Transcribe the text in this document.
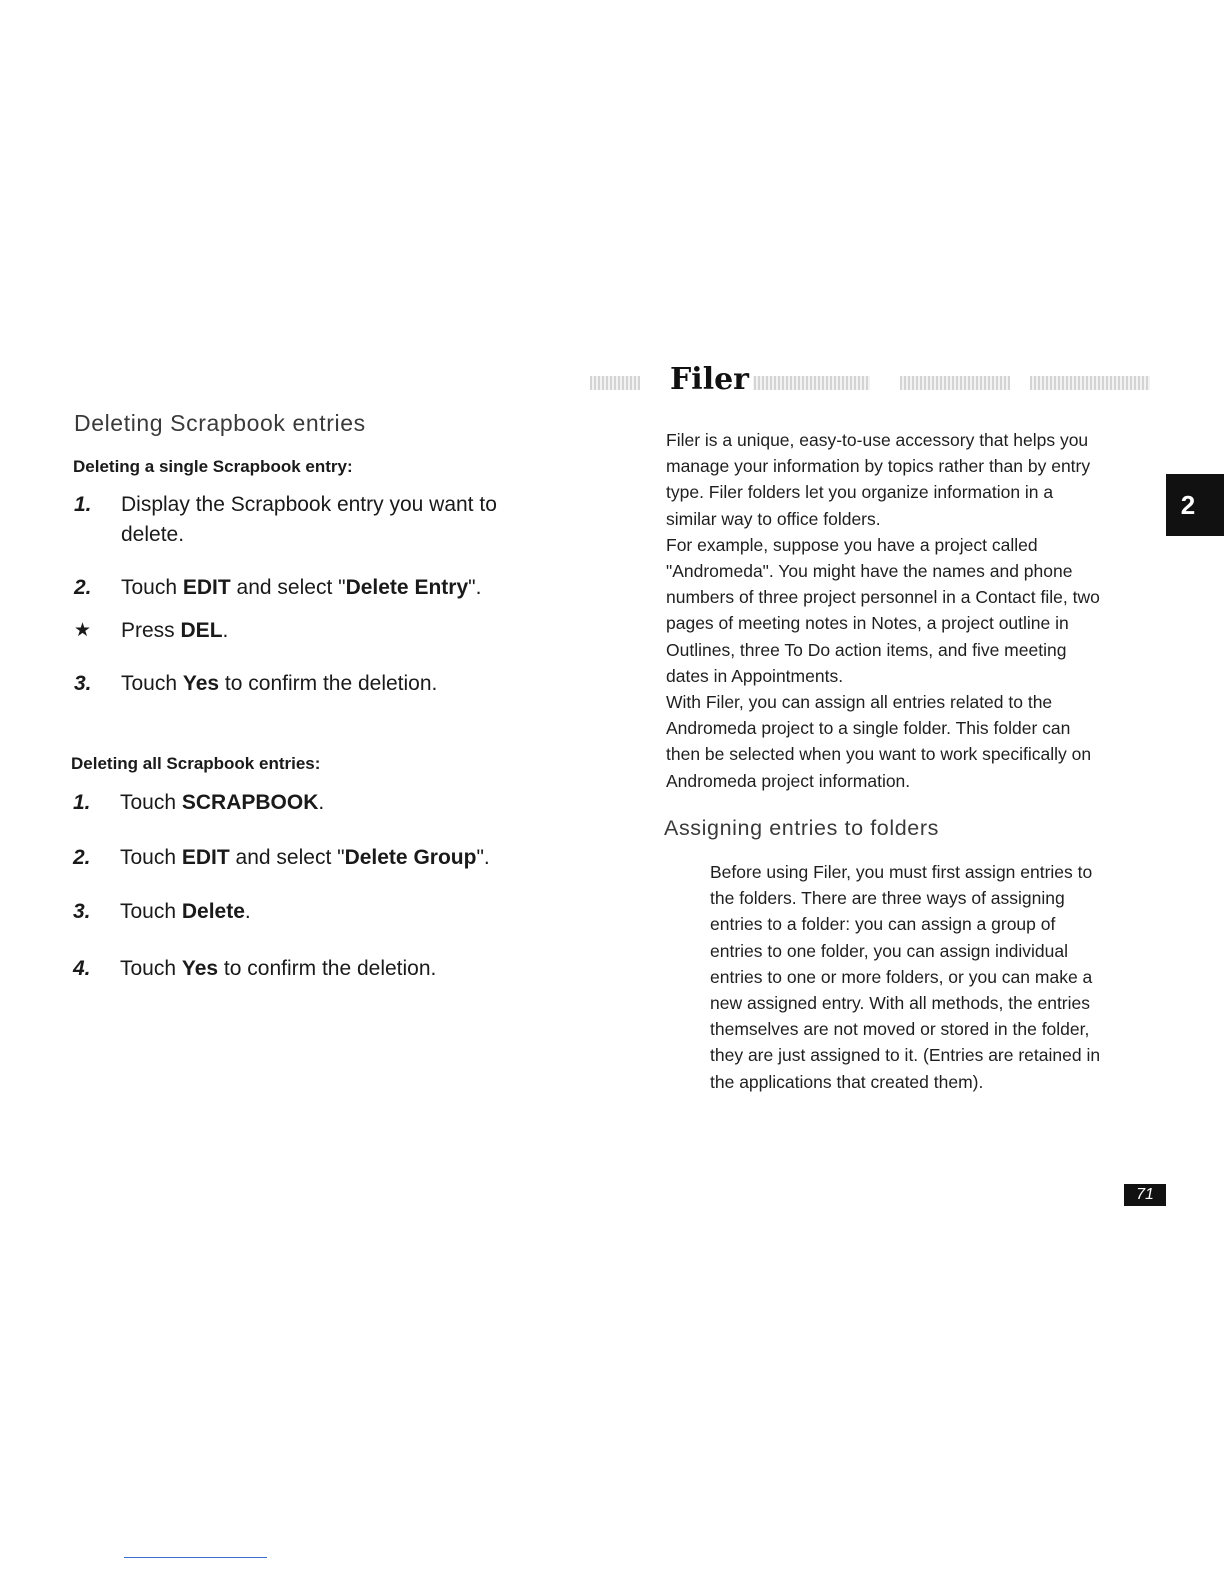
Deleting Scrapbook entries
Deleting a single Scrapbook entry:
1. Display the Scrapbook entry you want to delete.
2. Touch EDIT and select "Delete Entry".
★ Press DEL.
3. Touch Yes to confirm the deletion.
Deleting all Scrapbook entries:
1. Touch SCRAPBOOK.
2. Touch EDIT and select "Delete Group".
3. Touch Delete.
4. Touch Yes to confirm the deletion.
Filer
Filer is a unique, easy-to-use accessory that helps you
manage your information by topics rather than by entry
type. Filer folders let you organize information in a
similar way to office folders.
For example, suppose you have a project called
"Andromeda". You might have the names and phone
numbers of three project personnel in a Contact file, two
pages of meeting notes in Notes, a project outline in
Outlines, three To Do action items, and five meeting
dates in Appointments.
With Filer, you can assign all entries related to the
Andromeda project to a single folder. This folder can
then be selected when you want to work specifically on
Andromeda project information.
Assigning entries to folders
Before using Filer, you must first assign entries to
the folders. There are three ways of assigning
entries to a folder: you can assign a group of
entries to one folder, you can assign individual
entries to one or more folders, or you can make a
new assigned entry. With all methods, the entries
themselves are not moved or stored in the folder,
they are just assigned to it. (Entries are retained in
the applications that created them).
2
71
